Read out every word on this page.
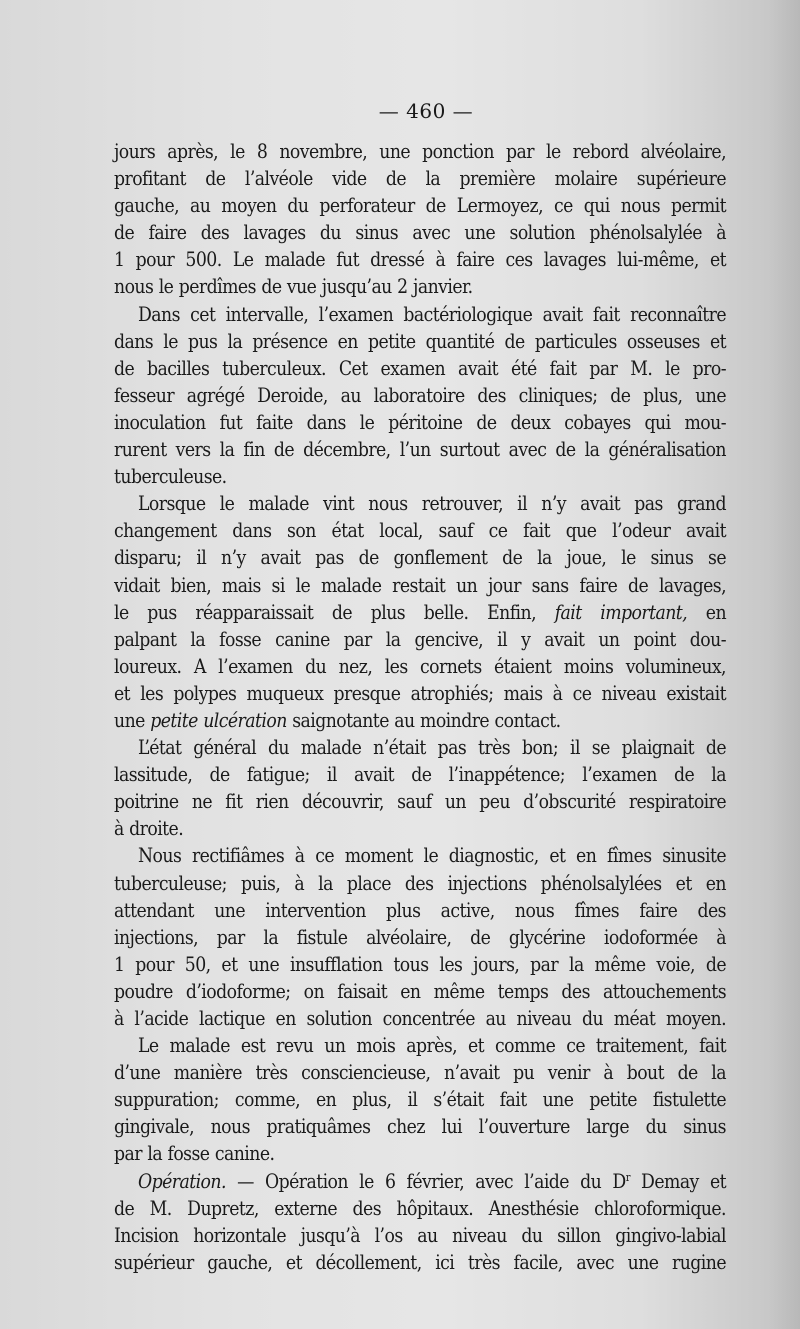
— 460 —
jours après, le 8 novembre, une ponction par le rebord alvéolaire,
profitant de l’alvéole vide de la première molaire supérieure
gauche, au moyen du perforateur de Lermoyez, ce qui nous permit
de faire des lavages du sinus avec une solution phénolsalylée à
1 pour 500. Le malade fut dressé à faire ces lavages lui-même, et
nous le perdîmes de vue jusqu’au 2 janvier.
Dans cet intervalle, l’examen bactériologique avait fait reconnaître
dans le pus la présence en petite quantité de particules osseuses et
de bacilles tuberculeux. Cet examen avait été fait par M. le pro-
fesseur agrégé Deroide, au laboratoire des cliniques; de plus, une
inoculation fut faite dans le péritoine de deux cobayes qui mou-
rurent vers la fin de décembre, l’un surtout avec de la généralisation
tuberculeuse.
Lorsque le malade vint nous retrouver, il n’y avait pas grand
changement dans son état local, sauf ce fait que l’odeur avait
disparu; il n’y avait pas de gonflement de la joue, le sinus se
vidait bien, mais si le malade restait un jour sans faire de lavages,
le pus réapparaissait de plus belle. Enfin, fait important, en
palpant la fosse canine par la gencive, il y avait un point dou-
loureux. A l’examen du nez, les cornets étaient moins volumineux,
et les polypes muqueux presque atrophiés; mais à ce niveau existait
une petite ulcération saignotante au moindre contact.
L’état général du malade n’était pas très bon; il se plaignait de
lassitude, de fatigue; il avait de l’inappétence; l’examen de la
poitrine ne fit rien découvrir, sauf un peu d’obscurité respiratoire
à droite.
Nous rectifiâmes à ce moment le diagnostic, et en fîmes sinusite
tuberculeuse; puis, à la place des injections phénolsalylées et en
attendant une intervention plus active, nous fîmes faire des
injections, par la fistule alvéolaire, de glycérine iodoformée à
1 pour 50, et une insufflation tous les jours, par la même voie, de
poudre d’iodoforme; on faisait en même temps des attouchements
à l’acide lactique en solution concentrée au niveau du méat moyen.
Le malade est revu un mois après, et comme ce traitement, fait
d’une manière très consciencieuse, n’avait pu venir à bout de la
suppuration; comme, en plus, il s’était fait une petite fistulette
gingivale, nous pratiquâmes chez lui l’ouverture large du sinus
par la fosse canine.
Opération. — Opération le 6 février, avec l’aide du $D^r$ Demay et
de M. Dupretz, externe des hôpitaux. Anesthésie chloroformique.
Incision horizontale jusqu’à l’os au niveau du sillon gingivo-labial
supérieur gauche, et décollement, ici très facile, avec une rugine
